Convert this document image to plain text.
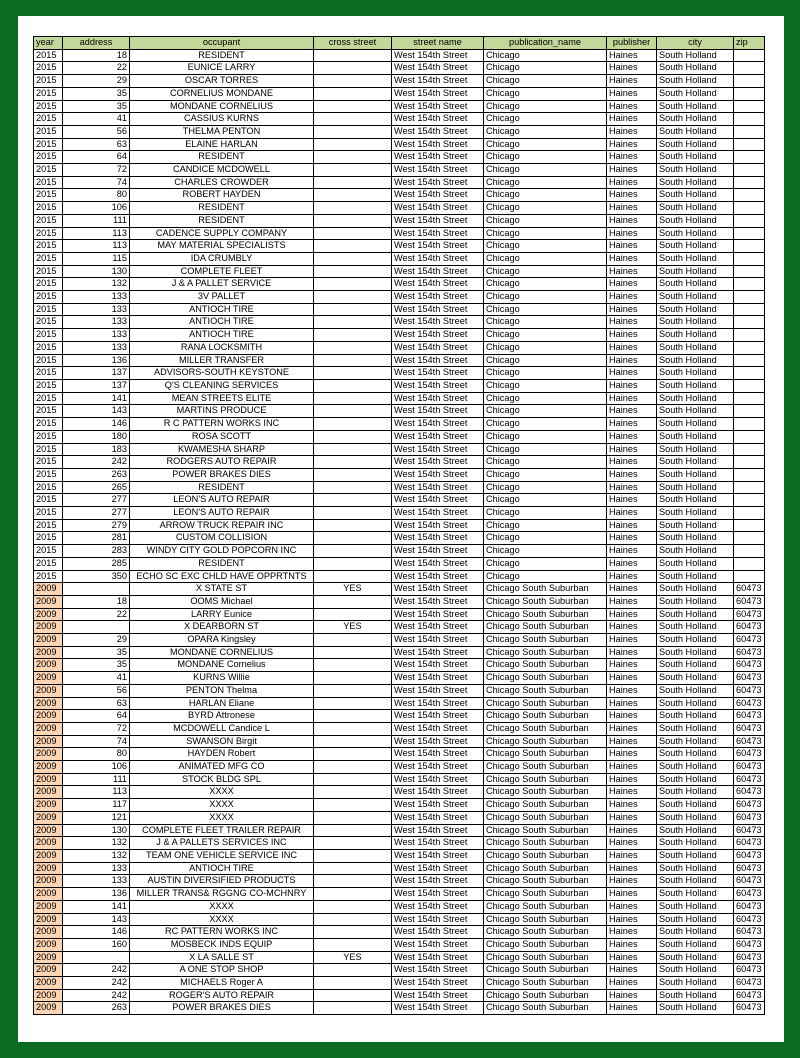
year	address	occupant	cross street	street name	publication_name	publisher	city	zip
2015	18	RESIDENT		West 154th Street	Chicago	Haines	South Holland	
2015	22	EUNICE LARRY		West 154th Street	Chicago	Haines	South Holland	
2015	29	OSCAR TORRES		West 154th Street	Chicago	Haines	South Holland	
2015	35	CORNELIUS MONDANE		West 154th Street	Chicago	Haines	South Holland	
2015	35	MONDANE CORNELIUS		West 154th Street	Chicago	Haines	South Holland	
2015	41	CASSIUS KURNS		West 154th Street	Chicago	Haines	South Holland	
2015	56	THELMA PENTON		West 154th Street	Chicago	Haines	South Holland	
2015	63	ELAINE HARLAN		West 154th Street	Chicago	Haines	South Holland	
2015	64	RESIDENT		West 154th Street	Chicago	Haines	South Holland	
2015	72	CANDICE MCDOWELL		West 154th Street	Chicago	Haines	South Holland	
2015	74	CHARLES CROWDER		West 154th Street	Chicago	Haines	South Holland	
2015	80	ROBERT HAYDEN		West 154th Street	Chicago	Haines	South Holland	
2015	106	RESIDENT		West 154th Street	Chicago	Haines	South Holland	
2015	111	RESIDENT		West 154th Street	Chicago	Haines	South Holland	
2015	113	CADENCE SUPPLY COMPANY		West 154th Street	Chicago	Haines	South Holland	
2015	113	MAY MATERIAL SPECIALISTS		West 154th Street	Chicago	Haines	South Holland	
2015	115	IDA CRUMBLY		West 154th Street	Chicago	Haines	South Holland	
2015	130	COMPLETE FLEET		West 154th Street	Chicago	Haines	South Holland	
2015	132	J & A PALLET SERVICE		West 154th Street	Chicago	Haines	South Holland	
2015	133	3V PALLET		West 154th Street	Chicago	Haines	South Holland	
2015	133	ANTIOCH TIRE		West 154th Street	Chicago	Haines	South Holland	
2015	133	ANTIOCH TIRE		West 154th Street	Chicago	Haines	South Holland	
2015	133	ANTIOCH TIRE		West 154th Street	Chicago	Haines	South Holland	
2015	133	RANA LOCKSMITH		West 154th Street	Chicago	Haines	South Holland	
2015	136	MILLER TRANSFER		West 154th Street	Chicago	Haines	South Holland	
2015	137	ADVISORS-SOUTH KEYSTONE		West 154th Street	Chicago	Haines	South Holland	
2015	137	Q'S CLEANING SERVICES		West 154th Street	Chicago	Haines	South Holland	
2015	141	MEAN STREETS ELITE		West 154th Street	Chicago	Haines	South Holland	
2015	143	MARTINS PRODUCE		West 154th Street	Chicago	Haines	South Holland	
2015	146	R C PATTERN WORKS INC		West 154th Street	Chicago	Haines	South Holland	
2015	180	ROSA SCOTT		West 154th Street	Chicago	Haines	South Holland	
2015	183	KWAMESHA SHARP		West 154th Street	Chicago	Haines	South Holland	
2015	242	RODGERS AUTO REPAIR		West 154th Street	Chicago	Haines	South Holland	
2015	263	POWER BRAKES DIES		West 154th Street	Chicago	Haines	South Holland	
2015	265	RESIDENT		West 154th Street	Chicago	Haines	South Holland	
2015	277	LEON'S AUTO REPAIR		West 154th Street	Chicago	Haines	South Holland	
2015	277	LEON'S AUTO REPAIR		West 154th Street	Chicago	Haines	South Holland	
2015	279	ARROW TRUCK REPAIR INC		West 154th Street	Chicago	Haines	South Holland	
2015	281	CUSTOM COLLISION		West 154th Street	Chicago	Haines	South Holland	
2015	283	WINDY CITY GOLD POPCORN INC		West 154th Street	Chicago	Haines	South Holland	
2015	285	RESIDENT		West 154th Street	Chicago	Haines	South Holland	
2015	350	ECHO SC EXC CHLD HAVE OPPRTNTS		West 154th Street	Chicago	Haines	South Holland	
2009		X STATE ST	YES	West 154th Street	Chicago South Suburban	Haines	South Holland	60473
2009	18	OOMS Michael		West 154th Street	Chicago South Suburban	Haines	South Holland	60473
2009	22	LARRY Eunice		West 154th Street	Chicago South Suburban	Haines	South Holland	60473
2009		X DEARBORN ST	YES	West 154th Street	Chicago South Suburban	Haines	South Holland	60473
2009	29	OPARA Kingsley		West 154th Street	Chicago South Suburban	Haines	South Holland	60473
2009	35	MONDANE CORNELIUS		West 154th Street	Chicago South Suburban	Haines	South Holland	60473
2009	35	MONDANE Cornelius		West 154th Street	Chicago South Suburban	Haines	South Holland	60473
2009	41	KURNS Willie		West 154th Street	Chicago South Suburban	Haines	South Holland	60473
2009	56	PENTON Thelma		West 154th Street	Chicago South Suburban	Haines	South Holland	60473
2009	63	HARLAN Eliane		West 154th Street	Chicago South Suburban	Haines	South Holland	60473
2009	64	BYRD Attronese		West 154th Street	Chicago South Suburban	Haines	South Holland	60473
2009	72	MCDOWELL Candice L		West 154th Street	Chicago South Suburban	Haines	South Holland	60473
2009	74	SWANSON Birgit		West 154th Street	Chicago South Suburban	Haines	South Holland	60473
2009	80	HAYDEN Robert		West 154th Street	Chicago South Suburban	Haines	South Holland	60473
2009	106	ANIMATED MFG CO		West 154th Street	Chicago South Suburban	Haines	South Holland	60473
2009	111	STOCK BLDG SPL		West 154th Street	Chicago South Suburban	Haines	South Holland	60473
2009	113	XXXX		West 154th Street	Chicago South Suburban	Haines	South Holland	60473
2009	117	XXXX		West 154th Street	Chicago South Suburban	Haines	South Holland	60473
2009	121	XXXX		West 154th Street	Chicago South Suburban	Haines	South Holland	60473
2009	130	COMPLETE FLEET TRAILER REPAIR		West 154th Street	Chicago South Suburban	Haines	South Holland	60473
2009	132	J & A PALLETS SERVICES INC		West 154th Street	Chicago South Suburban	Haines	South Holland	60473
2009	132	TEAM ONE VEHICLE SERVICE INC		West 154th Street	Chicago South Suburban	Haines	South Holland	60473
2009	133	ANTIOCH TIRE		West 154th Street	Chicago South Suburban	Haines	South Holland	60473
2009	133	AUSTIN DIVERSIFIED PRODUCTS		West 154th Street	Chicago South Suburban	Haines	South Holland	60473
2009	136	MILLER TRANS& RGGNG CO-MCHNRY		West 154th Street	Chicago South Suburban	Haines	South Holland	60473
2009	141	XXXX		West 154th Street	Chicago South Suburban	Haines	South Holland	60473
2009	143	XXXX		West 154th Street	Chicago South Suburban	Haines	South Holland	60473
2009	146	RC PATTERN WORKS INC		West 154th Street	Chicago South Suburban	Haines	South Holland	60473
2009	160	MOSBECK INDS EQUIP		West 154th Street	Chicago South Suburban	Haines	South Holland	60473
2009		X LA SALLE ST	YES	West 154th Street	Chicago South Suburban	Haines	South Holland	60473
2009	242	A ONE STOP SHOP		West 154th Street	Chicago South Suburban	Haines	South Holland	60473
2009	242	MICHAELS Roger A		West 154th Street	Chicago South Suburban	Haines	South Holland	60473
2009	242	ROGER'S AUTO REPAIR		West 154th Street	Chicago South Suburban	Haines	South Holland	60473
2009	263	POWER BRAKES DIES		West 154th Street	Chicago South Suburban	Haines	South Holland	60473
